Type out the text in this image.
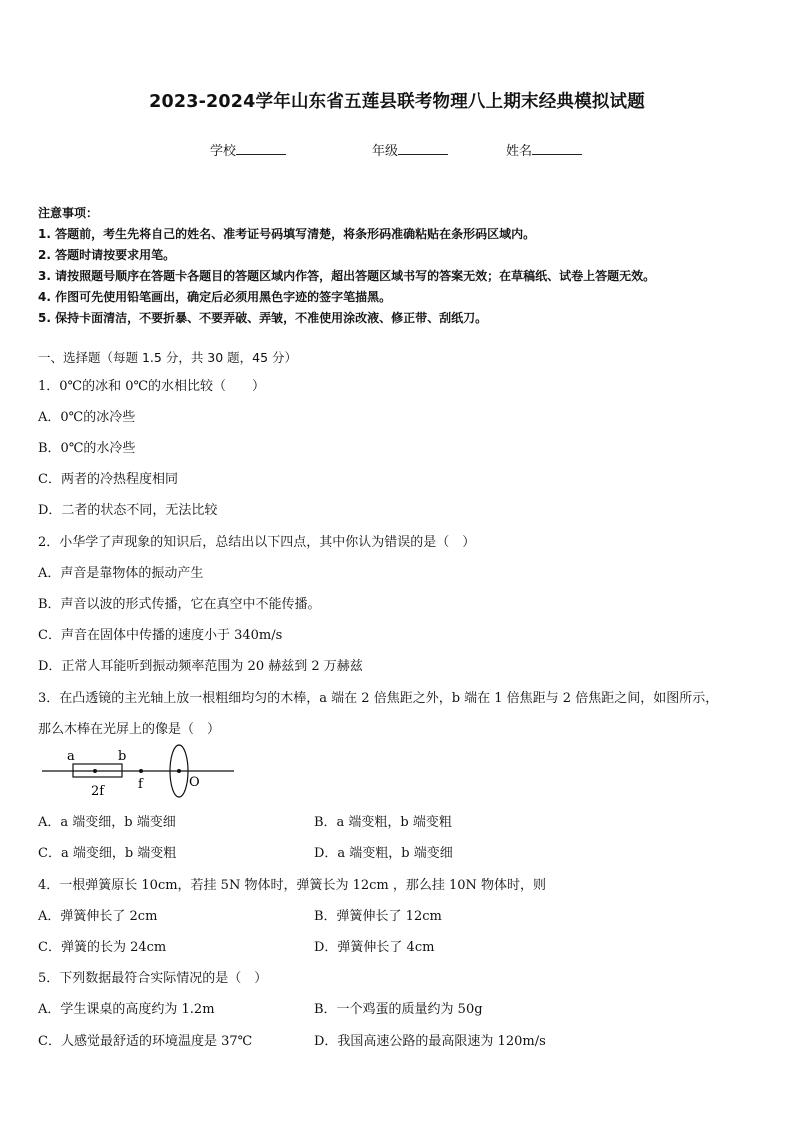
2023-2024学年山东省五莲县联考物理八上期末经典模拟试题
学校	年级	姓名
注意事项：
1. 答题前，考生先将自己的姓名、准考证号码填写清楚，将条形码准确粘贴在条形码区域内。
2. 答题时请按要求用笔。
3. 请按照题号顺序在答题卡各题目的答题区域内作答，超出答题区域书写的答案无效；在草稿纸、试卷上答题无效。
4. 作图可先使用铅笔画出，确定后必须用黑色字迹的签字笔描黑。
5. 保持卡面清洁，不要折暴、不要弄破、弄皱，不准使用涂改液、修正带、刮纸刀。
一、选择题（每题 1.5 分，共 30 题，45 分）
1．0℃的冰和 0℃的水相比较（　　）
A．0℃的冰冷些
B．0℃的水冷些
C．两者的冷热程度相同
D．二者的状态不同，无法比较
2．小华学了声现象的知识后，总结出以下四点，其中你认为错误的是（　）
A．声音是靠物体的振动产生
B．声音以波的形式传播，它在真空中不能传播。
C．声音在固体中传播的速度小于 340m/s
D．正常人耳能听到振动频率范围为 20 赫兹到 2 万赫兹
3．在凸透镜的主光轴上放一根粗细均匀的木棒，a 端在 2 倍焦距之外，b 端在 1 倍焦距与 2 倍焦距之间，如图所示，
那么木棒在光屏上的像是（　）
a	b
2f	f	O
A．a 端变细，b 端变细	B．a 端变粗，b 端变粗
C．a 端变细，b 端变粗	D．a 端变粗，b 端变细
4．一根弹簧原长 10cm，若挂 5N 物体时，弹簧长为 12cm ，那么挂 10N 物体时，则
A．弹簧伸长了 2cm	B．弹簧伸长了 12cm
C．弹簧的长为 24cm	D．弹簧伸长了 4cm
5．下列数据最符合实际情况的是（　）
A．学生课桌的高度约为 1.2m	B．一个鸡蛋的质量约为 50g
C．人感觉最舒适的环境温度是 37℃	D．我国高速公路的最高限速为 120m/s
